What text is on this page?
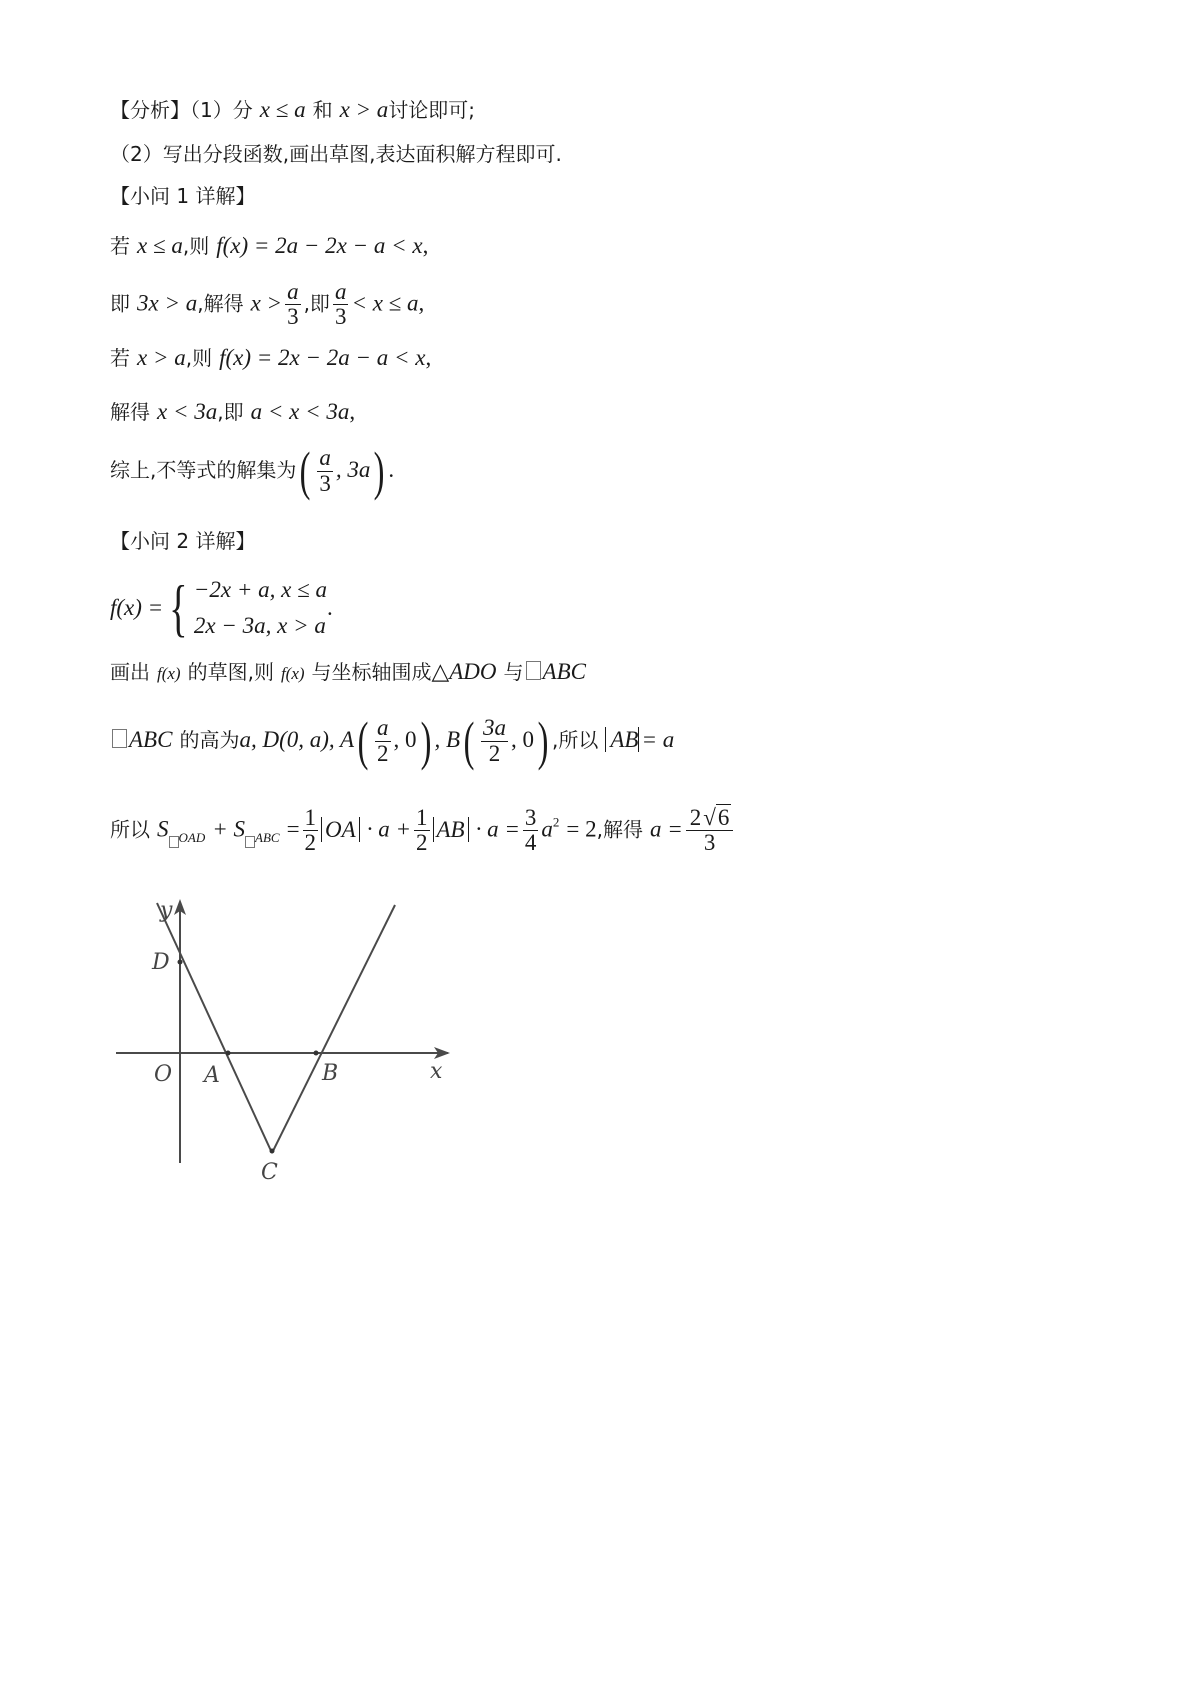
【分析】（1）分 x ≤ a 和 x > a讨论即可;
（2）写出分段函数,画出草图,表达面积解方程即可.
【小问 1 详解】
若 x ≤ a,则 f(x) = 2a − 2x − a < x,
即 3x > a,解得 $x > \frac{a}{3}$ ,即 $\frac{a}{3} < x \le a$,
若 x > a,则 f(x) = 2x − 2a − a < x,
解得 x < 3a,即 a < x < 3a,
综上,不等式的解集为( $\frac{a}{3}$ , 3a) .
【小问 2 详解】
f(x) = { −2x + a, x ≤ a
2x − 3a, x > a
.
画出 f(x) 的草图,则 f(x) 与坐标轴围成△ADO 与 ABC
ABC 的高为a, D(0, a), $A( \frac{a}{2}$ , 0) , $B( \frac{3a}{2}$ , 0) ,所以 AB = a
所以 S $_{OAD}$ + S $_{ABC} = \frac{1}{2}$ OA · $a + \frac{1}{2}$ AB · $a = \frac{3}{4} a^2 = 2$,解得 $a = \frac{2√6}{3}$
y
x
D
O A	B
C
